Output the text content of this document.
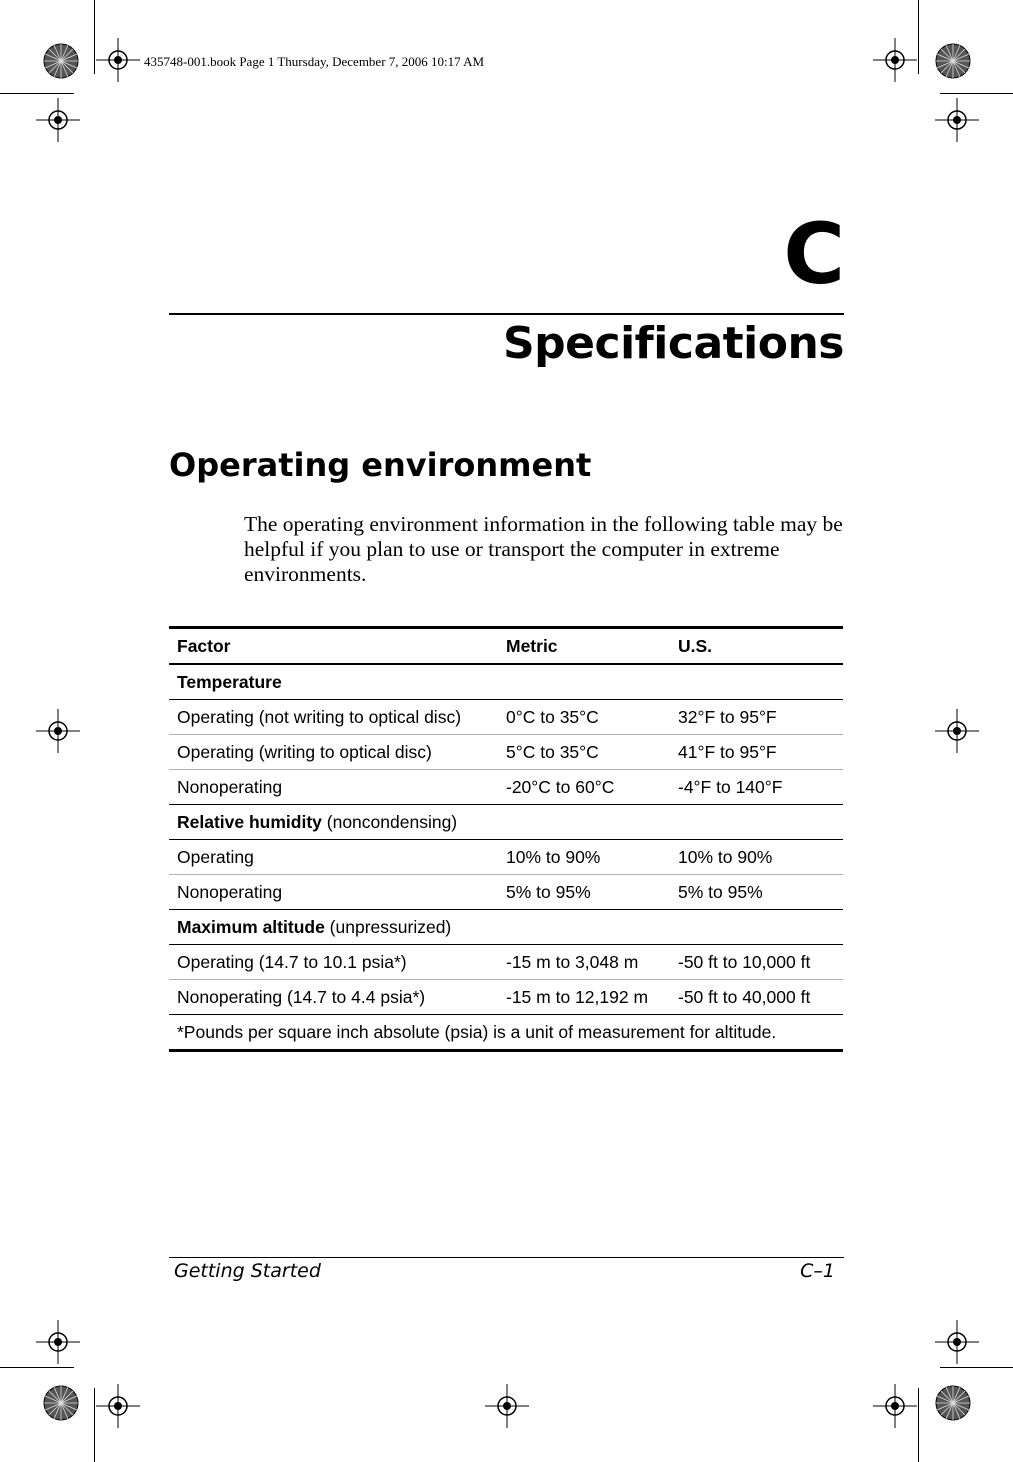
435748-001.book Page 1 Thursday, December 7, 2006 10:17 AM
C
Specifications
Operating environment
The operating environment information in the following table may be helpful if you plan to use or transport the computer in extreme environments.
Factor	Metric	U.S.
Temperature		
Operating (not writing to optical disc)	0°C to 35°C	32°F to 95°F
Operating (writing to optical disc)	5°C to 35°C	41°F to 95°F
Nonoperating	-20°C to 60°C	-4°F to 140°F
Relative humidity (noncondensing)		
Operating	10% to 90%	10% to 90%
Nonoperating	5% to 95%	5% to 95%
Maximum altitude (unpressurized)		
Operating (14.7 to 10.1 psia*)	-15 m to 3,048 m	-50 ft to 10,000 ft
Nonoperating (14.7 to 4.4 psia*)	-15 m to 12,192 m	-50 ft to 40,000 ft
*Pounds per square inch absolute (psia) is a unit of measurement for altitude.		
Getting Started	C–1
